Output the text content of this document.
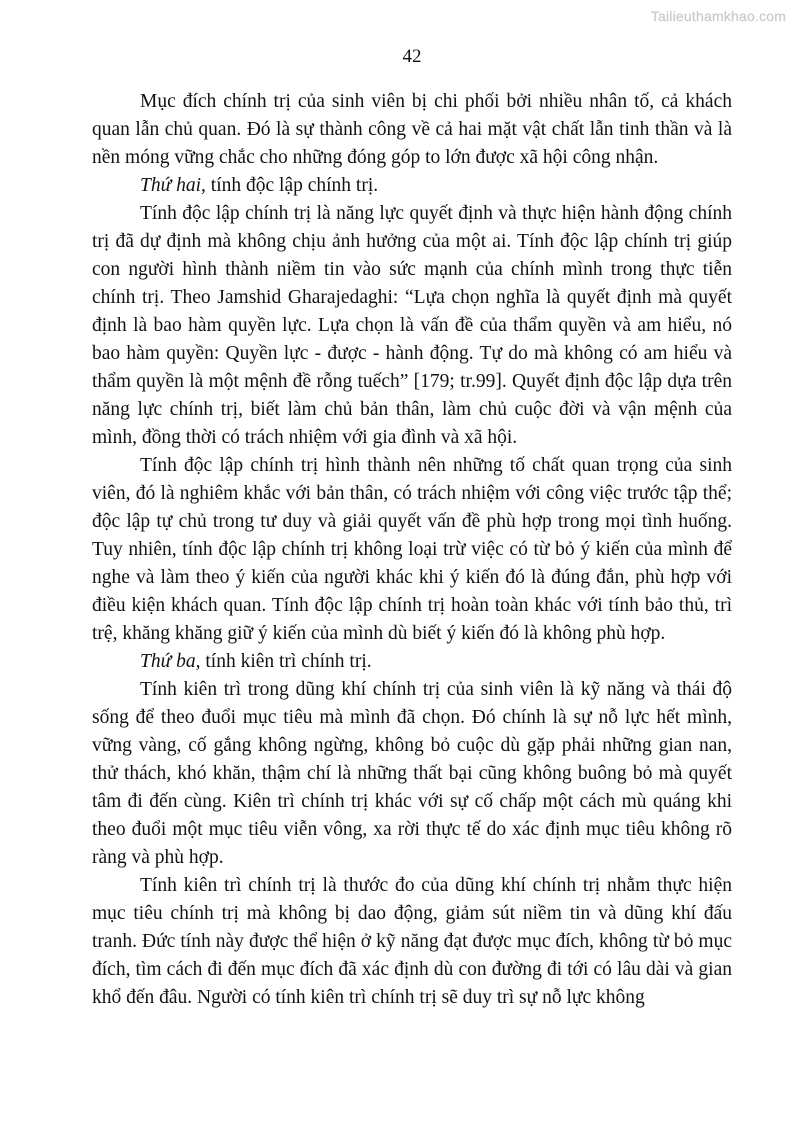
Tailieuthamkhao.com
42

Mục đích chính trị của sinh viên bị chi phối bởi nhiều nhân tố, cả khách quan lẫn chủ quan. Đó là sự thành công về cả hai mặt vật chất lẫn tinh thần và là nền móng vững chắc cho những đóng góp to lớn được xã hội công nhận.

Thứ hai, tính độc lập chính trị.

Tính độc lập chính trị là năng lực quyết định và thực hiện hành động chính trị đã dự định mà không chịu ảnh hưởng của một ai. Tính độc lập chính trị giúp con người hình thành niềm tin vào sức mạnh của chính mình trong thực tiễn chính trị. Theo Jamshid Gharajedaghi: “Lựa chọn nghĩa là quyết định mà quyết định là bao hàm quyền lực. Lựa chọn là vấn đề của thẩm quyền và am hiểu, nó bao hàm quyền: Quyền lực - được - hành động. Tự do mà không có am hiểu và thẩm quyền là một mệnh đề rỗng tuếch” [179; tr.99]. Quyết định độc lập dựa trên năng lực chính trị, biết làm chủ bản thân, làm chủ cuộc đời và vận mệnh của mình, đồng thời có trách nhiệm với gia đình và xã hội.

Tính độc lập chính trị hình thành nên những tố chất quan trọng của sinh viên, đó là nghiêm khắc với bản thân, có trách nhiệm với công việc trước tập thể; độc lập tự chủ trong tư duy và giải quyết vấn đề phù hợp trong mọi tình huống. Tuy nhiên, tính độc lập chính trị không loại trừ việc có từ bỏ ý kiến của mình để nghe và làm theo ý kiến của người khác khi ý kiến đó là đúng đắn, phù hợp với điều kiện khách quan. Tính độc lập chính trị hoàn toàn khác với tính bảo thủ, trì trệ, khăng khăng giữ ý kiến của mình dù biết ý kiến đó là không phù hợp.

Thứ ba, tính kiên trì chính trị.

Tính kiên trì trong dũng khí chính trị của sinh viên là kỹ năng và thái độ sống để theo đuổi mục tiêu mà mình đã chọn. Đó chính là sự nỗ lực hết mình, vững vàng, cố gắng không ngừng, không bỏ cuộc dù gặp phải những gian nan, thử thách, khó khăn, thậm chí là những thất bại cũng không buông bỏ mà quyết tâm đi đến cùng. Kiên trì chính trị khác với sự cố chấp một cách mù quáng khi theo đuổi một mục tiêu viễn vông, xa rời thực tế do xác định mục tiêu không rõ ràng và phù hợp.

Tính kiên trì chính trị là thước đo của dũng khí chính trị nhằm thực hiện mục tiêu chính trị mà không bị dao động, giảm sút niềm tin và dũng khí đấu tranh. Đức tính này được thể hiện ở kỹ năng đạt được mục đích, không từ bỏ mục đích, tìm cách đi đến mục đích đã xác định dù con đường đi tới có lâu dài và gian khổ đến đâu. Người có tính kiên trì chính trị sẽ duy trì sự nỗ lực không
